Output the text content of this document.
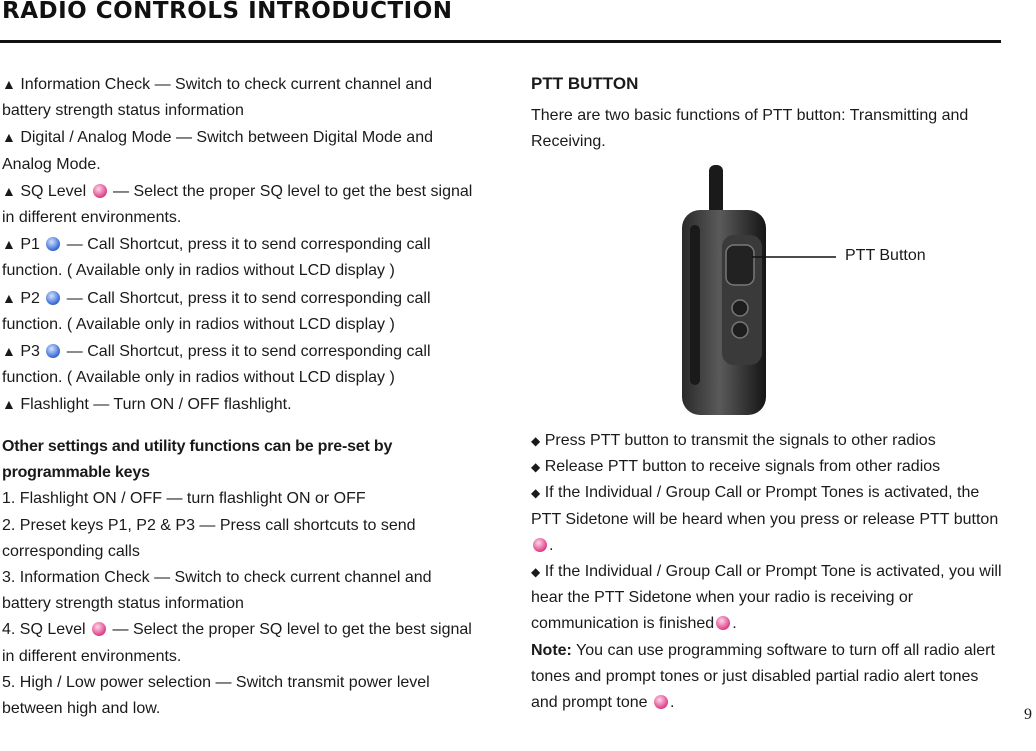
RADIO CONTROLS INTRODUCTION

▲ Information Check — Switch to check current channel and battery strength status information

▲ Digital / Analog Mode — Switch between Digital Mode and Analog Mode.

▲ SQ Level  — Select the proper SQ level to get the best signal in different environments.

▲ P1  — Call Shortcut, press it to send corresponding call function. ( Available only in radios without LCD display )

▲ P2  — Call Shortcut, press it to send corresponding call function. ( Available only in radios without LCD display )

▲ P3  — Call Shortcut, press it to send corresponding call function. ( Available only in radios without LCD display )

▲ Flashlight — Turn ON / OFF flashlight.

Other settings and utility functions can be pre-set by programmable keys

1. Flashlight ON / OFF — turn flashlight ON or OFF

2. Preset keys P1, P2 & P3 — Press call shortcuts to send corresponding calls

3. Information Check — Switch to check current channel and battery strength status information

4. SQ Level  — Select the proper SQ level to get the best signal in different environments.

5. High / Low power selection — Switch transmit power level between high and low.

PTT BUTTON

There are two basic functions of PTT button: Transmitting and Receiving.

PTT Button

◆ Press PTT button to transmit the signals to other radios

◆ Release PTT button to receive signals from other radios

◆ If the Individual / Group Call or Prompt Tones is activated, the PTT Sidetone will be heard when you press or release PTT button.

◆ If the Individual / Group Call or Prompt Tone is activated, you will hear the PTT Sidetone when your radio is receiving or communication is finished .

Note: You can use programming software to turn off all radio alert tones and prompt tones or just disabled partial radio alert tones and prompt tone .

9
